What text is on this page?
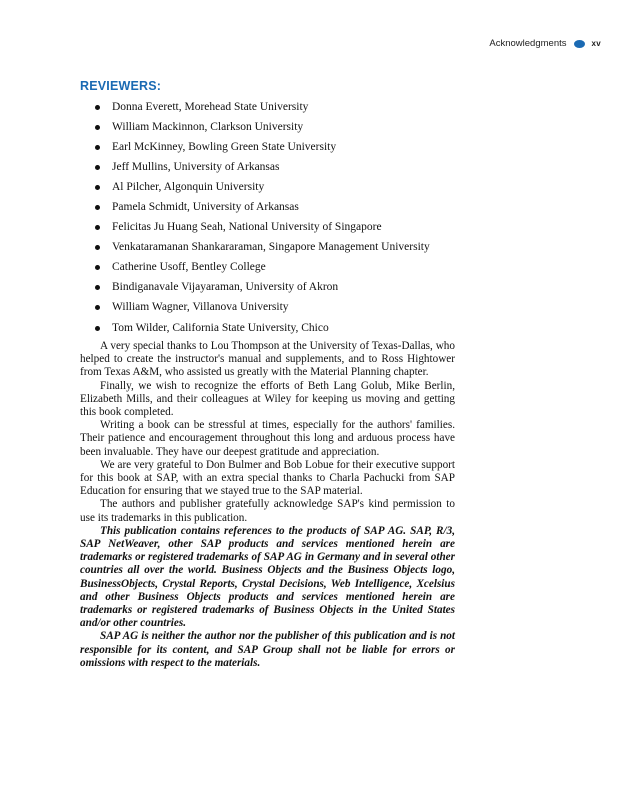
Acknowledgments	xv
REVIEWERS:
Donna Everett, Morehead State University
William Mackinnon, Clarkson University
Earl McKinney, Bowling Green State University
Jeff Mullins, University of Arkansas
Al Pilcher, Algonquin University
Pamela Schmidt, University of Arkansas
Felicitas Ju Huang Seah, National University of Singapore
Venkataramanan Shankararaman, Singapore Management University
Catherine Usoff, Bentley College
Bindiganavale Vijayaraman, University of Akron
William Wagner, Villanova University
Tom Wilder, California State University, Chico

A very special thanks to Lou Thompson at the University of Texas-Dallas, who helped to create the instructor's manual and supplements, and to Ross Hightower from Texas A&M, who assisted us greatly with the Material Planning chapter.

Finally, we wish to recognize the efforts of Beth Lang Golub, Mike Berlin, Elizabeth Mills, and their colleagues at Wiley for keeping us moving and getting this book completed.

Writing a book can be stressful at times, especially for the authors' families. Their patience and encouragement throughout this long and arduous process have been invaluable. They have our deepest gratitude and appreciation.

We are very grateful to Don Bulmer and Bob Lobue for their executive support for this book at SAP, with an extra special thanks to Charla Pachucki from SAP Education for ensuring that we stayed true to the SAP material.

The authors and publisher gratefully acknowledge SAP's kind permission to use its trademarks in this publication.

This publication contains references to the products of SAP AG. SAP, R/3, SAP NetWeaver, other SAP products and services mentioned herein are trademarks or registered trademarks of SAP AG in Germany and in several other countries all over the world. Business Objects and the Business Objects logo, BusinessObjects, Crystal Reports, Crystal Decisions, Web Intelligence, Xcelsius and other Business Objects products and services mentioned herein are trademarks or registered trademarks of Business Objects in the United States and/or other countries.

SAP AG is neither the author nor the publisher of this publication and is not responsible for its content, and SAP Group shall not be liable for errors or omissions with respect to the materials.
